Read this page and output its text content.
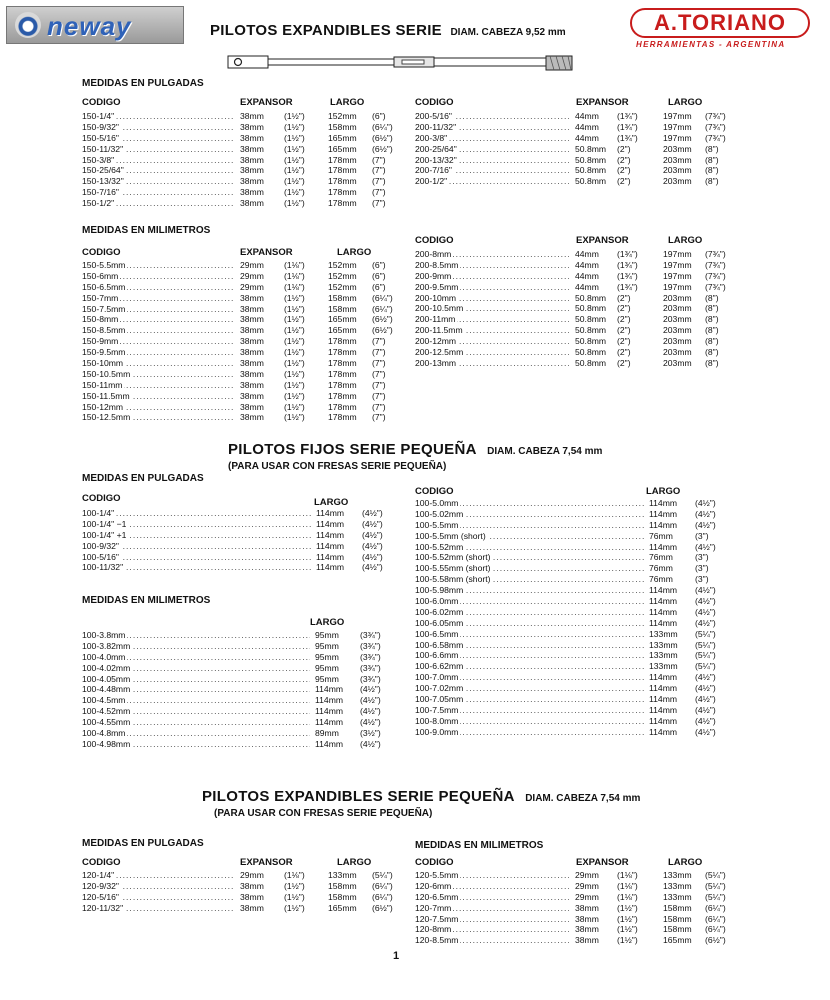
neway	PILOTOS EXPANDIBLES SERIE DIAM. CABEZA 9,52 mm	A.TORIANO
HERRAMIENTAS - ARGENTINA
MEDIDAS EN PULGADAS
CODIGO	EXPANSOR	LARGO	CODIGO	EXPANSOR	LARGO
.....
150-1/4"	38mm (1½")	152mm (6")
.....
150-9/32"	38mm (1½")	158mm (6¼")
.....
150-5/16"	38mm (1½")	165mm (6½")
.....
150-11/32"	38mm (1½")	165mm (6½")
.....
150-3/8"	38mm (1½")	178mm (7")
.....
150-25/64"	38mm (1½")	178mm (7")
.....
150-13/32"	38mm (1½")	178mm (7")
.....
150-7/16"	38mm (1½")	178mm (7")
.....
150-1/2"	38mm (1½")	178mm (7")
.....
200-5/16"	44mm (1¾")	197mm (7¾")
.....
200-11/32"	44mm (1¾")	197mm (7¾")
.....
200-3/8"	44mm (1¾")	197mm (7¾")
.....
200-25/64"	50.8mm (2")	203mm (8")
.....
200-13/32"	50.8mm (2")	203mm (8")
.....
200-7/16"	50.8mm (2")	203mm (8")
.....
200-1/2"	50.8mm (2")	203mm (8")
MEDIDAS EN MILIMETROS
CODIGO	EXPANSOR	LARGO
CODIGO	EXPANSOR	LARGO
.....
150-5.5mm	29mm (1⅛")	152mm (6")
.....
150-6mm	29mm (1⅛")	152mm (6")
.....
150-6.5mm	29mm (1⅛")	152mm (6")
.....
150-7mm	38mm (1½")	158mm (6¼")
.....
150-7.5mm	38mm (1½")	158mm (6¼")
.....
150-8mm	38mm (1½")	165mm (6½")
.....
150-8.5mm	38mm (1½")	165mm (6½")
.....
150-9mm	38mm (1½")	178mm (7")
.....
150-9.5mm	38mm (1½")	178mm (7")
.....
150-10mm	38mm (1½")	178mm (7")
.....
150-10.5mm	38mm (1½")	178mm (7")
.....
150-11mm	38mm (1½")	178mm (7")
.....
150-11.5mm	38mm (1½")	178mm (7")
.....
150-12mm	38mm (1½")	178mm (7")
.....
150-12.5mm	38mm (1½")	178mm (7")
.....
200-8mm	44mm (1¾")	197mm (7¾")
.....
200-8.5mm	44mm (1¾")	197mm (7¾")
.....
200-9mm	44mm (1¾")	197mm (7¾")
.....
200-9.5mm	44mm (1¾")	197mm (7¾")
.....
200-10mm	50.8mm (2")	203mm (8")
.....
200-10.5mm	50.8mm (2")	203mm (8")
.....
200-11mm	50.8mm (2")	203mm (8")
.....
200-11.5mm	50.8mm (2")	203mm (8")
.....
200-12mm	50.8mm (2")	203mm (8")
.....
200-12.5mm	50.8mm (2")	203mm (8")
.....
200-13mm	50.8mm (2")	203mm (8")
PILOTOS FIJOS SERIE PEQUEÑA DIAM. CABEZA 7,54 mm
(PARA USAR CON FRESAS SERIE PEQUEÑA)
MEDIDAS EN PULGADAS
CODIGO	LARGO
.....
100-1/4"	114mm (4½")
.....
100-1/4" −1	114mm (4½")
.....
100-1/4" +1	114mm (4½")
.....
100-9/32"	114mm (4½")
.....
100-5/16"	114mm (4½")
.....
100-11/32"	114mm (4½")
MEDIDAS EN MILIMETROS
LARGO
.....
100-3.8mm	95mm (3¾")
.....
100-3.82mm	95mm (3¾")
.....
100-4.0mm	95mm (3¾")
.....
100-4.02mm	95mm (3¾")
.....
100-4.05mm	95mm (3¾")
.....
100-4.48mm	114mm (4½")
.....
100-4.5mm	114mm (4½")
.....
100-4.52mm	114mm (4½")
.....
100-4.55mm	114mm (4½")
.....
100-4.8mm	89mm (3½")
.....
100-4.98mm	114mm (4½")
CODIGO	LARGO
.....
100-5.0mm	114mm (4½")
.....
100-5.02mm	114mm (4½")
.....
100-5.5mm	114mm (4½")
.....
100-5.5mm (short)	76mm	(3")
.....
100-5.52mm	114mm (4½")
.....
100-5.52mm (short)	76mm	(3")
.....
100-5.55mm (short)	76mm	(3")
.....
100-5.58mm (short)	76mm	(3")
.....
100-5.98mm	114mm (4½")
.....
100-6.0mm	114mm (4½")
.....
100-6.02mm	114mm (4½")
.....
100-6.05mm	114mm (4½")
.....
100-6.5mm	133mm (5¼")
.....
100-6.58mm	133mm (5¼")
.....
100-6.6mm	133mm (5¼")
.....
100-6.62mm	133mm (5¼")
.....
100-7.0mm	114mm (4½")
.....
100-7.02mm	114mm (4½")
.....
100-7.05mm	114mm (4½")
.....
100-7.5mm	114mm (4½")
.....
100-8.0mm	114mm (4½")
.....
100-9.0mm	114mm (4½")
PILOTOS EXPANDIBLES SERIE PEQUEÑA DIAM. CABEZA 7,54 mm
(PARA USAR CON FRESAS SERIE PEQUEÑA)
MEDIDAS EN PULGADAS
CODIGO	EXPANSOR	LARGO
.....
120-1/4"	29mm (1⅛")	133mm (5¼")
.....
120-9/32"	38mm (1½")	158mm (6¼")
.....
120-5/16"	38mm (1½")	158mm (6¼")
.....
120-11/32"	38mm (1½")	165mm (6½")
MEDIDAS EN MILIMETROS
CODIGO	EXPANSOR	LARGO
.....
120-5.5mm	29mm (1⅛")	133mm (5¼")
.....
120-6mm	29mm (1⅛")	133mm (5¼")
.....
120-6.5mm	29mm (1⅛")	133mm (5¼")
.....
120-7mm	38mm (1½")	158mm (6¼")
.....
120-7.5mm	38mm (1½")	158mm (6¼")
.....
120-8mm	38mm (1½")	158mm (6¼")
.....
120-8.5mm	38mm (1½")	165mm (6½")
1
